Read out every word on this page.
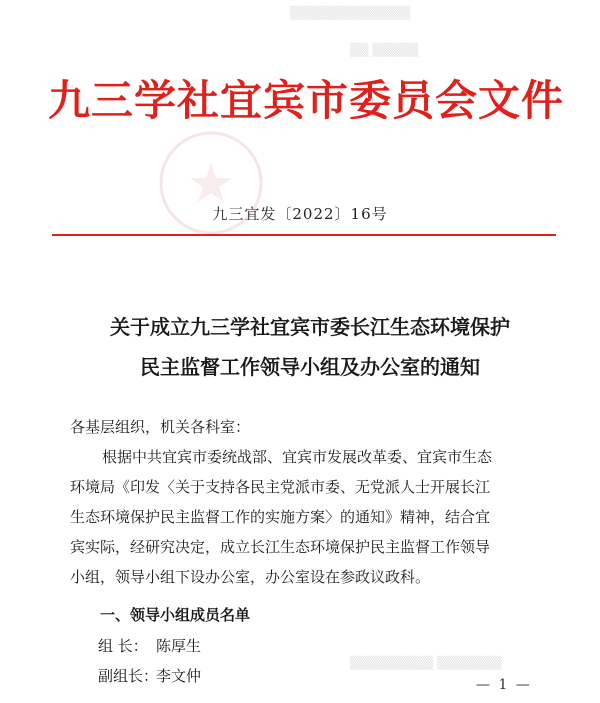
▒▒▒▒▒▒▒▒▒▒▒▒▒
▒▒ ▒▒▒▒▒
▒▒▒▒▒▒▒▒▒ ▒▒▒▒▒▒▒
九三学社宜宾市委员会文件
九三宜发〔2022〕16号
关于成立九三学社宜宾市委长江生态环境保护
民主监督工作领导小组及办公室的通知
各基层组织，机关各科室：

根据中共宜宾市委统战部、宜宾市发展改革委、宜宾市生态

环境局《印发〈关于支持各民主党派市委、无党派人士开展长江

生态环境保护民主监督工作的实施方案〉的通知》精神，结合宜

宾实际，经研究决定，成立长江生态环境保护民主监督工作领导

小组，领导小组下设办公室，办公室设在参政议政科。

一、领导小组成员名单
组 长： 陈厚生
副组长：李文仲	— 1 —
